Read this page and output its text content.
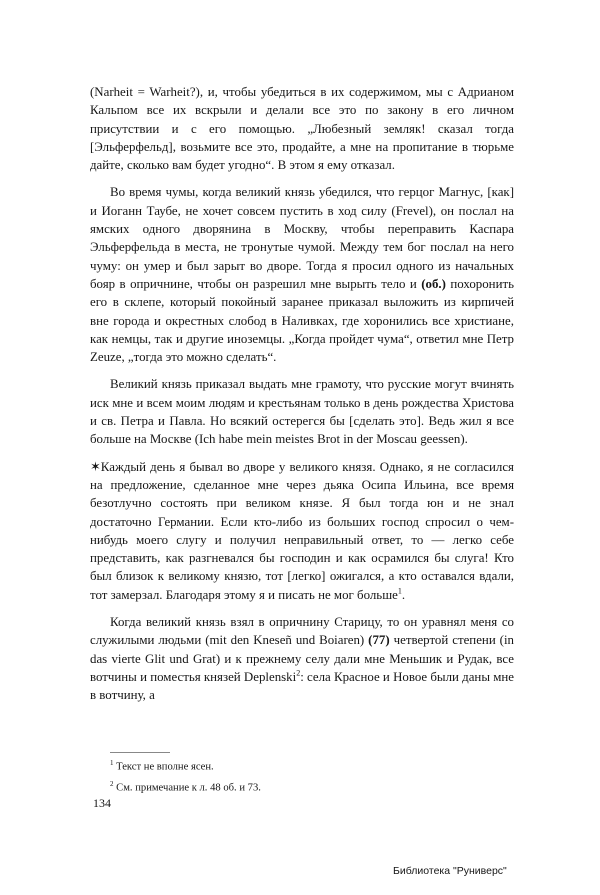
(Narheit = Warheit?), и, чтобы убедиться в их содержимом, мы с Адрианом Кальпом все их вскрыли и делали все это по закону в его личном присутствии и с его помощью. „Любезный земляк! сказал тогда [Эльферфельд], возьмите все это, продайте, а мне на пропитание в тюрьме дайте, сколько вам будет угодно“. В этом я ему отказал.

Во время чумы, когда великий князь убедился, что герцог Магнус, [как] и Иоганн Таубе, не хочет совсем пустить в ход силу (Frevel), он послал на ямских одного дворянина в Москву, чтобы переправить Каспара Эльферфельда в места, не тронутые чумой. Между тем бог послал на него чуму: он умер и был зарыт во дворе. Тогда я просил одного из начальных бояр в опричнине, чтобы он разрешил мне вырыть тело и (об.) похоронить его в склепе, который покойный заранее приказал выложить из кирпичей вне города и окрестных слобод в Наливках, где хоронились все христиане, как немцы, так и другие иноземцы. „Когда пройдет чума“, ответил мне Петр Zeuze, „тогда это можно сделать“.

Великий князь приказал выдать мне грамоту, что русские могут вчинять иск мне и всем моим людям и крестьянам только в день рождества Христова и св. Петра и Павла. Но всякий остерегся бы [сделать это]. Ведь жил я все больше на Москве (Ich habe mein meistes Brot in der Moscau geessen).

✶Каждый день я бывал во дворе у великого князя. Однако, я не согласился на предложение, сделанное мне через дьяка Осипа Ильина, все время безотлучно состоять при великом князе. Я был тогда юн и не знал достаточно Германии. Если кто-либо из больших господ спросил о чем-нибудь моего слугу и получил неправильный ответ, то — легко себе представить, как разгневался бы господин и как осрамился бы слуга! Кто был близок к великому князю, тот [легко] ожигался, а кто оставался вдали, тот замерзал. Благодаря этому я и писать не мог больше$^1$.

Когда великий князь взял в опричнину Старицу, то он уравнял меня со служилыми людьми (mit den Kneseñ und Boiaren) (77) четвертой степени (in das vierte Glit und Grat) и к прежнему селу дали мне Меньшик и Рудак, все вотчины и поместья князей Deplenski$^2$: села Красное и Новое были даны мне в вотчину, а

$^1$ Текст не вполне ясен.
$^2$ См. примечание к л. 48 об. и 73.
134
Библиотека "Руниверс"
